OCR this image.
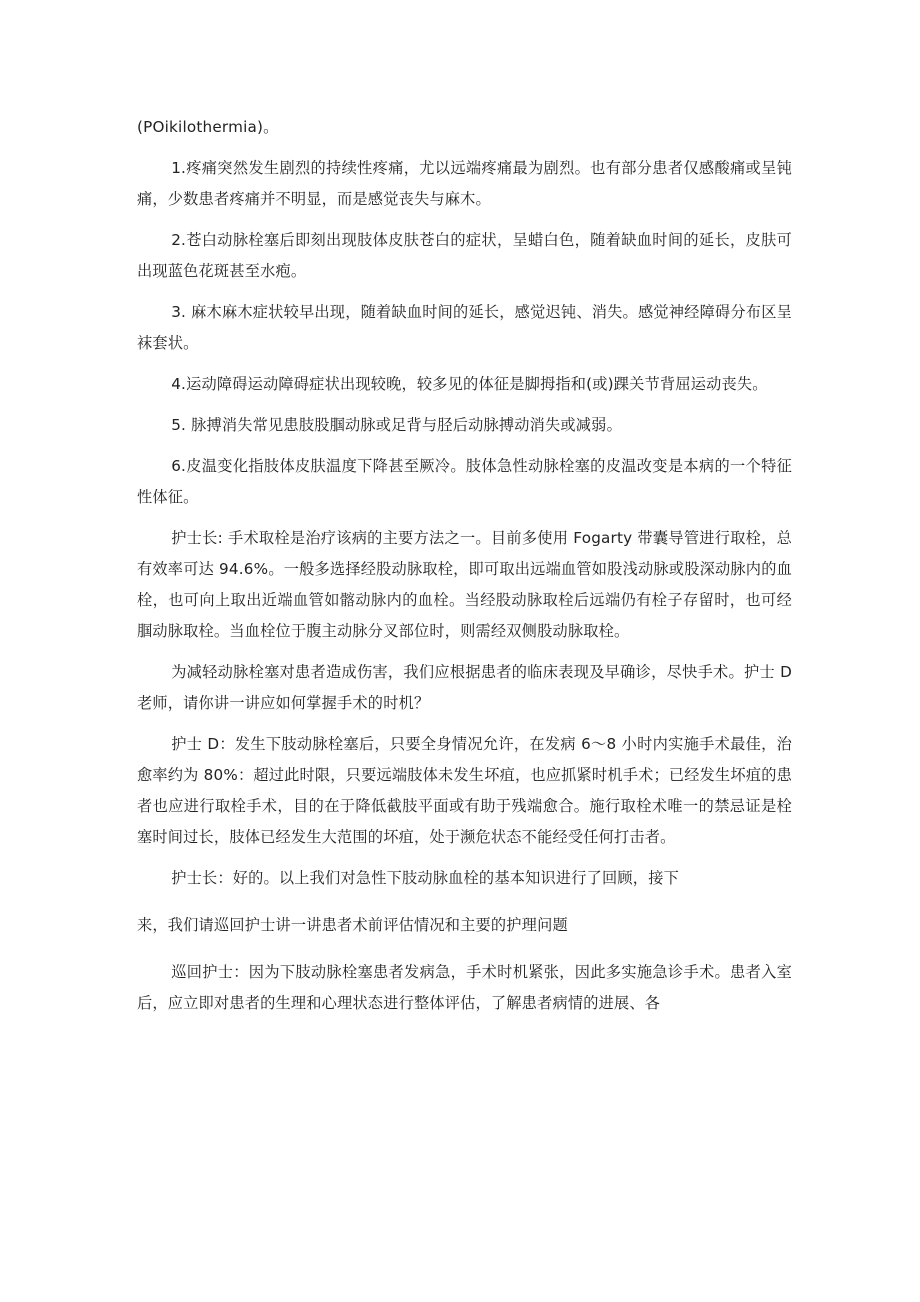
(POikilothermia)。

1.疼痛突然发生剧烈的持续性疼痛，尤以远端疼痛最为剧烈。也有部分患者仅感酸痛或呈钝痛，少数患者疼痛并不明显，而是感觉丧失与麻木。

2.苍白动脉栓塞后即刻出现肢体皮肤苍白的症状，呈蜡白色，随着缺血时间的延长，皮肤可出现蓝色花斑甚至水疱。

3. 麻木麻木症状较早出现，随着缺血时间的延长，感觉迟钝、消失。感觉神经障碍分布区呈袜套状。

4.运动障碍运动障碍症状出现较晚，较多见的体征是脚拇指和(或)踝关节背屈运动丧失。

5. 脉搏消失常见患肢股腘动脉或足背与胫后动脉搏动消失或减弱。

6.皮温变化指肢体皮肤温度下降甚至厥冷。肢体急性动脉栓塞的皮温改变是本病的一个特征性体征。

护士长: 手术取栓是治疗该病的主要方法之一。目前多使用 Fogarty 带囊导管进行取栓，总有效率可达 94.6%。一般多选择经股动脉取栓，即可取出远端血管如股浅动脉或股深动脉内的血栓，也可向上取出近端血管如髂动脉内的血栓。当经股动脉取栓后远端仍有栓子存留时，也可经腘动脉取栓。当血栓位于腹主动脉分叉部位时，则需经双侧股动脉取栓。

为减轻动脉栓塞对患者造成伤害，我们应根据患者的临床表现及早确诊，尽快手术。护士 D 老师，请你讲一讲应如何掌握手术的时机？

护士 D：发生下肢动脉栓塞后，只要全身情况允许，在发病 6～8 小时内实施手术最佳，治愈率约为 80%：超过此时限，只要远端肢体未发生坏疽，也应抓紧时机手术；已经发生坏疽的患者也应进行取栓手术，目的在于降低截肢平面或有助于残端愈合。施行取栓术唯一的禁忌证是栓塞时间过长，肢体已经发生大范围的坏疽，处于濒危状态不能经受任何打击者。

护士长：好的。以上我们对急性下肢动脉血栓的基本知识进行了回顾，接下

来，我们请巡回护士讲一讲患者术前评估情况和主要的护理问题

巡回护士：因为下肢动脉栓塞患者发病急，手术时机紧张，因此多实施急诊手术。患者入室后，应立即对患者的生理和心理状态进行整体评估，了解患者病情的进展、各
